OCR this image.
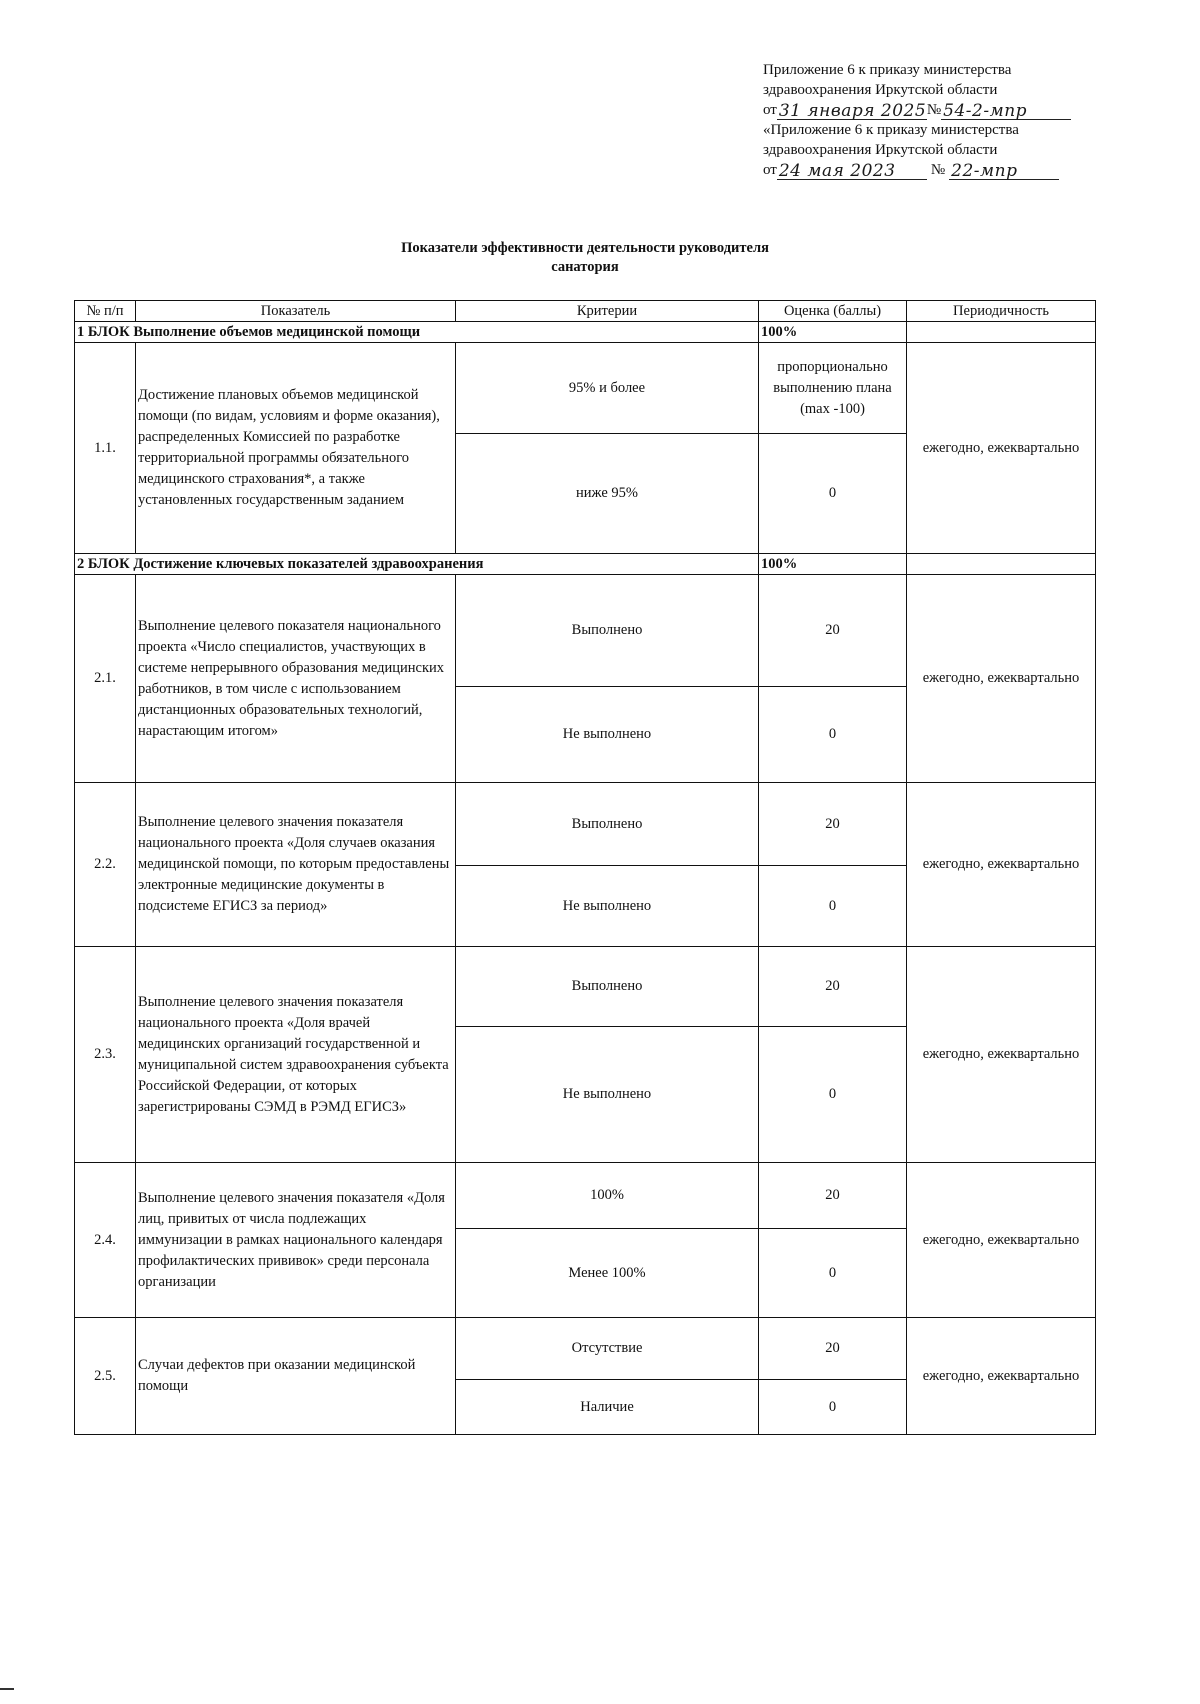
Приложение 6 к приказу министерства
здравоохранения Иркутской области
от 31 января 2025 № 54-2-мпр
«Приложение 6 к приказу министерства
здравоохранения Иркутской области
от 24 мая 2023 № 22-мпр
Показатели эффективности деятельности руководителя
санатория
№ п/п	Показатель	Критерии	Оценка (баллы)	Периодичность
1 БЛОК Выполнение объемов медицинской помощи			100%	
1.1.	Достижение плановых объемов медицинской помощи (по видам, условиям и форме оказания), распределенных Комиссией по разработке территориальной программы обязательного медицинского страхования*, а также установленных государственным заданием	95% и более	пропорционально выполнению плана (max -100)	ежегодно, ежеквартально
		ниже 95%	0	
2 БЛОК Достижение ключевых показателей здравоохранения			100%	
2.1.	Выполнение целевого показателя национального проекта «Число специалистов, участвующих в системе непрерывного образования медицинских работников, в том числе с использованием дистанционных образовательных технологий, нарастающим итогом»	Выполнено	20	ежегодно, ежеквартально
		Не выполнено	0	
2.2.	Выполнение целевого значения показателя национального проекта «Доля случаев оказания медицинской помощи, по которым предоставлены электронные медицинские документы в подсистеме ЕГИСЗ за период»	Выполнено	20	ежегодно, ежеквартально
		Не выполнено	0	
2.3.	Выполнение целевого значения показателя национального проекта «Доля врачей медицинских организаций государственной и муниципальной систем здравоохранения субъекта Российской Федерации, от которых зарегистрированы СЭМД в РЭМД ЕГИСЗ»	Выполнено	20	ежегодно, ежеквартально
		Не выполнено	0	
2.4.	Выполнение целевого значения показателя «Доля лиц, привитых от числа подлежащих иммунизации в рамках национального календаря профилактических прививок» среди персонала организации	100%	20	ежегодно, ежеквартально
		Менее 100%	0	
2.5.	Случаи дефектов при оказании медицинской помощи	Отсутствие	20	ежегодно, ежеквартально
		Наличие	0	
